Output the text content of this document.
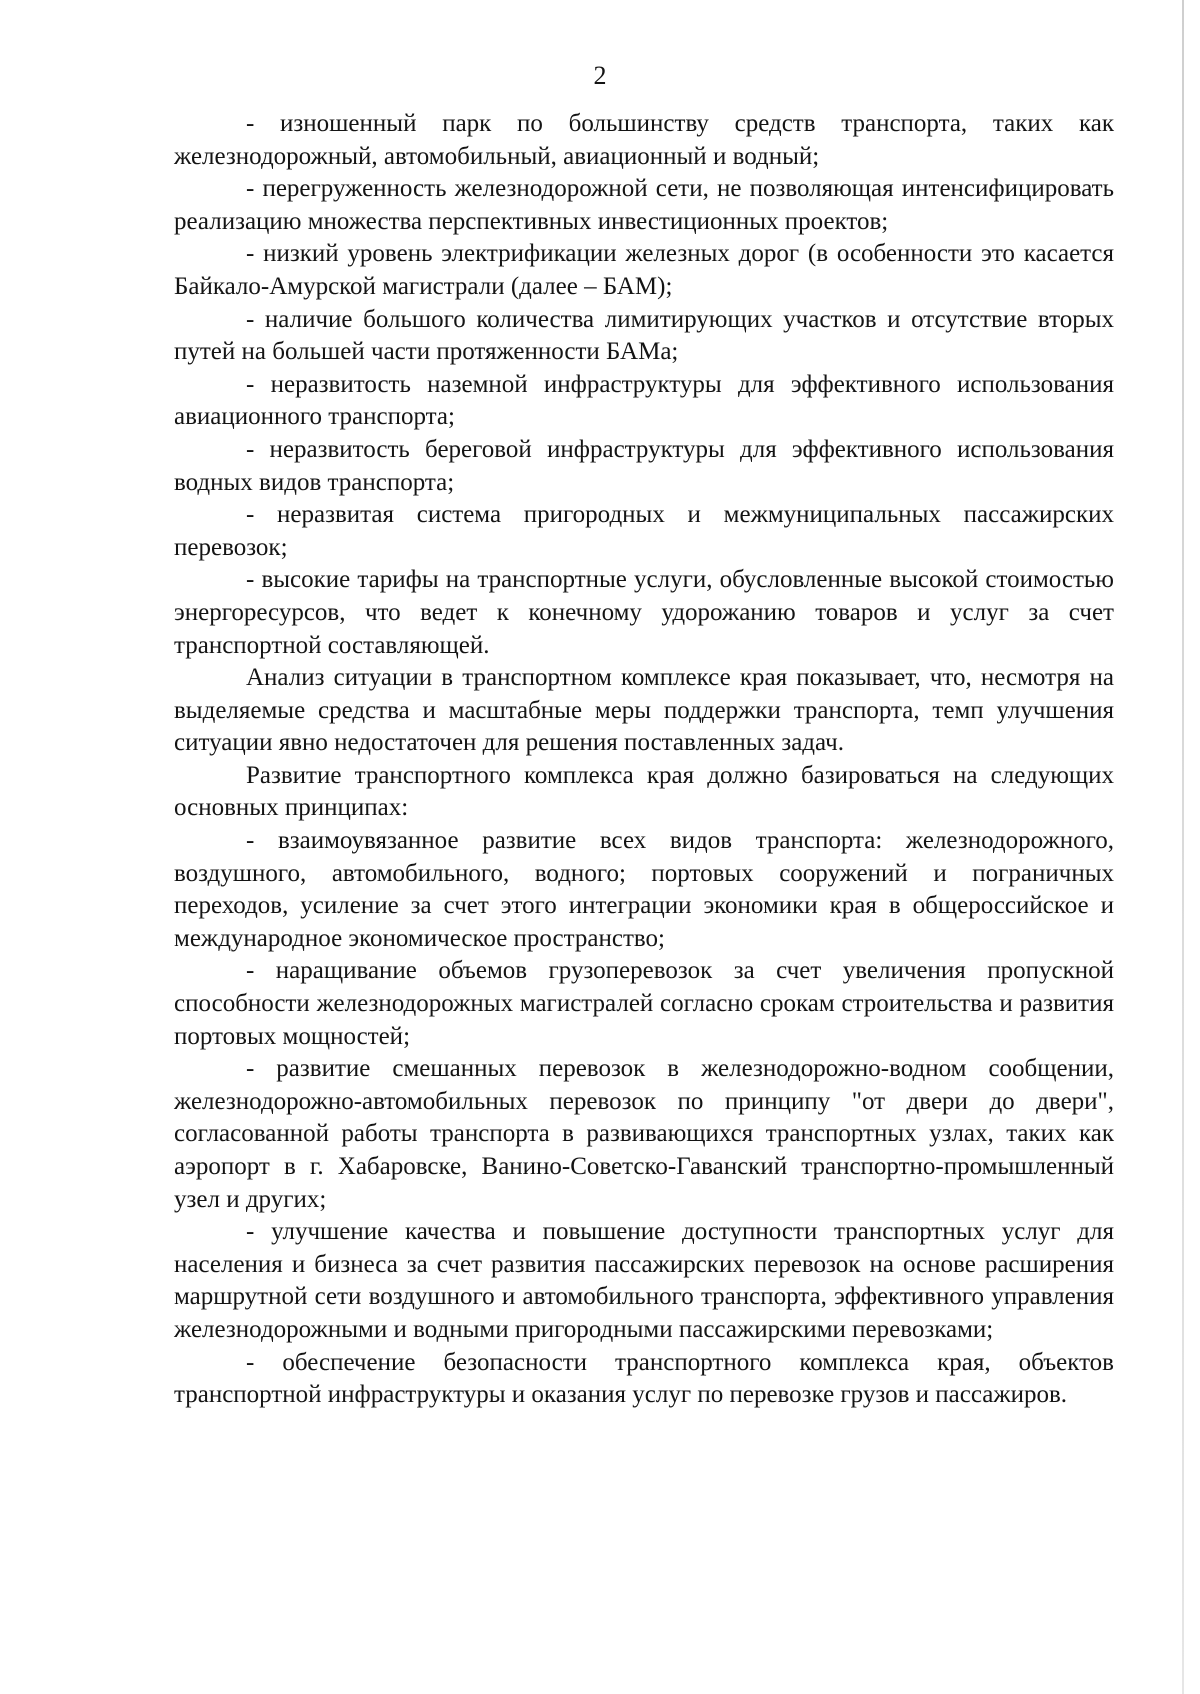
2

- изношенный парк по большинству средств транспорта, таких как железнодорожный, автомобильный, авиационный и водный;

- перегруженность железнодорожной сети, не позволяющая интенсифицировать реализацию множества перспективных инвестиционных проектов;

- низкий уровень электрификации железных дорог (в особенности это касается Байкало-Амурской магистрали (далее – БАМ);

- наличие большого количества лимитирующих участков и отсутствие вторых путей на большей части протяженности БАМа;

- неразвитость наземной инфраструктуры для эффективного использования авиационного транспорта;

- неразвитость береговой инфраструктуры для эффективного использования водных видов транспорта;

- неразвитая система пригородных и межмуниципальных пассажирских перевозок;

- высокие тарифы на транспортные услуги, обусловленные высокой стоимостью энергоресурсов, что ведет к конечному удорожанию товаров и услуг за счет транспортной составляющей.

Анализ ситуации в транспортном комплексе края показывает, что, несмотря на выделяемые средства и масштабные меры поддержки транспорта, темп улучшения ситуации явно недостаточен для решения поставленных задач.

Развитие транспортного комплекса края должно базироваться на следующих основных принципах:

- взаимоувязанное развитие всех видов транспорта: железнодорожного, воздушного, автомобильного, водного; портовых сооружений и пограничных переходов, усиление за счет этого интеграции экономики края в общероссийское и международное экономическое пространство;

- наращивание объемов грузоперевозок за счет увеличения пропускной способности железнодорожных магистралей согласно срокам строительства и развития портовых мощностей;

- развитие смешанных перевозок в железнодорожно-водном сообщении, железнодорожно-автомобильных перевозок по принципу "от двери до двери", согласованной работы транспорта в развивающихся транспортных узлах, таких как аэропорт в г. Хабаровске, Ванино-Советско-Гаванский транспортно-промышленный узел и других;

- улучшение качества и повышение доступности транспортных услуг для населения и бизнеса за счет развития пассажирских перевозок на основе расширения маршрутной сети воздушного и автомобильного транспорта, эффективного управления железнодорожными и водными пригородными пассажирскими перевозками;

- обеспечение безопасности транспортного комплекса края, объектов транспортной инфраструктуры и оказания услуг по перевозке грузов и пассажиров.
